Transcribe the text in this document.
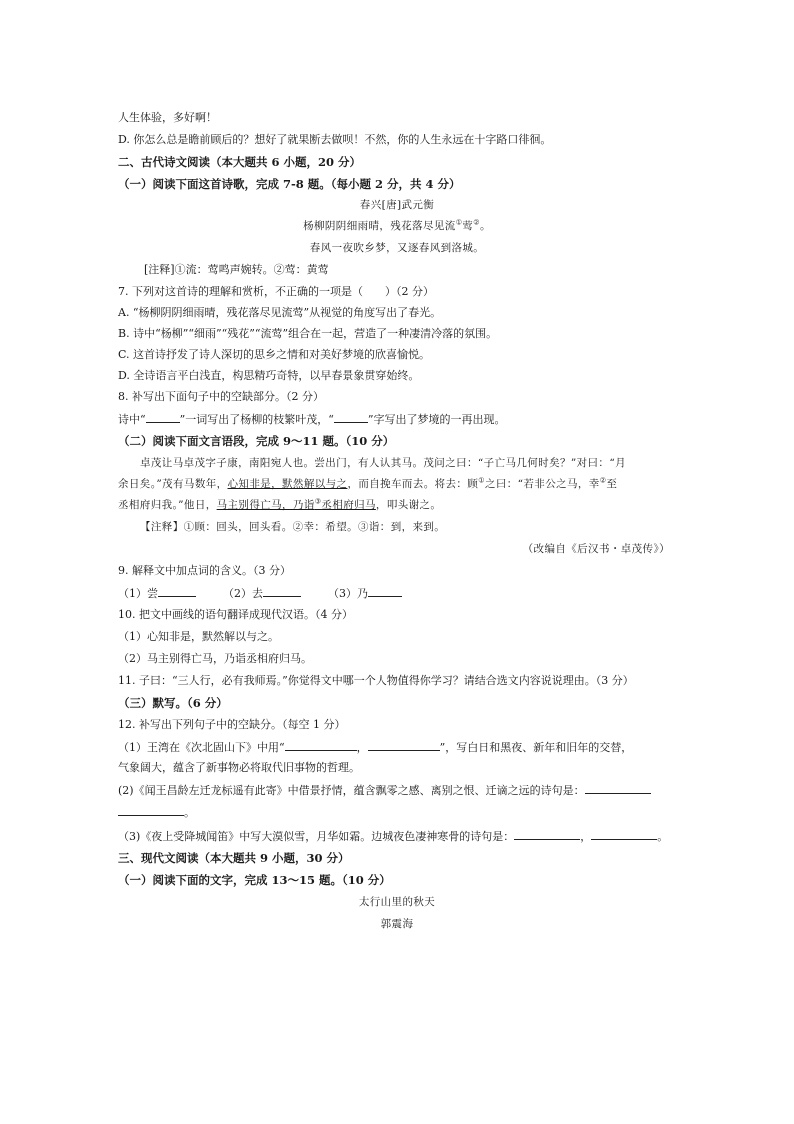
人生体验，多好啊！
D. 你怎么总是瞻前顾后的？想好了就果断去做呗！不然，你的人生永远在十字路口徘徊。
二、古代诗文阅读（本大题共 6 小题，20 分）
（一）阅读下面这首诗歌，完成 7-8 题。（每小题 2 分，共 4 分）
春兴[唐]武元衡
杨柳阴阴细雨晴，残花落尽见流①莺②。
春风一夜吹乡梦，又逐春风到洛城。
[注释]①流：莺鸣声婉转。②莺：黄莺
7. 下列对这首诗的理解和赏析，不正确的一项是（　　）（2 分）
A. “杨柳阴阴细雨晴，残花落尽见流莺”从视觉的角度写出了春光。
B. 诗中“杨柳”“细雨”“残花”“流莺”组合在一起，营造了一种凄清冷落的氛围。
C. 这首诗抒发了诗人深切的思乡之情和对美好梦境的欣喜愉悦。
D. 全诗语言平白浅直，构思精巧奇特，以早春景象贯穿始终。
8. 补写出下面句子中的空缺部分。（2 分）
诗中“	”一词写出了杨柳的枝繁叶茂，“	”字写出了梦境的一再出现。
（二）阅读下面文言语段，完成 9～11 题。（10 分）
卓茂让马卓茂字子康，南阳宛人也。尝出门，有人认其马。茂问之曰：“子亡马几何时矣？”对曰：“月
余日矣。”茂有马数年，心知非是，默然解以与之，而自挽车而去。将去：顾①之曰：“若非公之马，幸②至
丞相府归我。”他日，马主别得亡马，乃诣③丞相府归马，叩头谢之。
【注释】①顾：回头，回头看。②幸：希望。③诣：到，来到。
（改编自《后汉书・卓茂传》）
9. 解释文中加点词的含义。（3 分）
（1）尝	（2）去	（3）乃
10. 把文中画线的语句翻译成现代汉语。（4 分）
（1）心知非是，默然解以与之。
（2）马主别得亡马，乃诣丞相府归马。
11. 子曰：“三人行，必有我师焉。”你觉得文中哪一个人物值得你学习？请结合选文内容说说理由。（3 分）
（三）默写。（6 分）
12. 补写出下列句子中的空缺分。（每空 1 分）
（1）王湾在《次北固山下》中用“	，	”，写白日和黑夜、新年和旧年的交替，
气象阔大，蕴含了新事物必将取代旧事物的哲理。
(2)《闻王昌龄左迁龙标遥有此寄》中借景抒情，蕴含飘零之感、离别之恨、迁谪之远的诗句是：
。
（3)《夜上受降城闻笛》中写大漠似雪，月华如霜。边城夜色凄神寒骨的诗句是：	，	。
三、现代文阅读（本大题共 9 小题，30 分）
（一）阅读下面的文字，完成 13～15 题。（10 分）
太行山里的秋天
郭震海
